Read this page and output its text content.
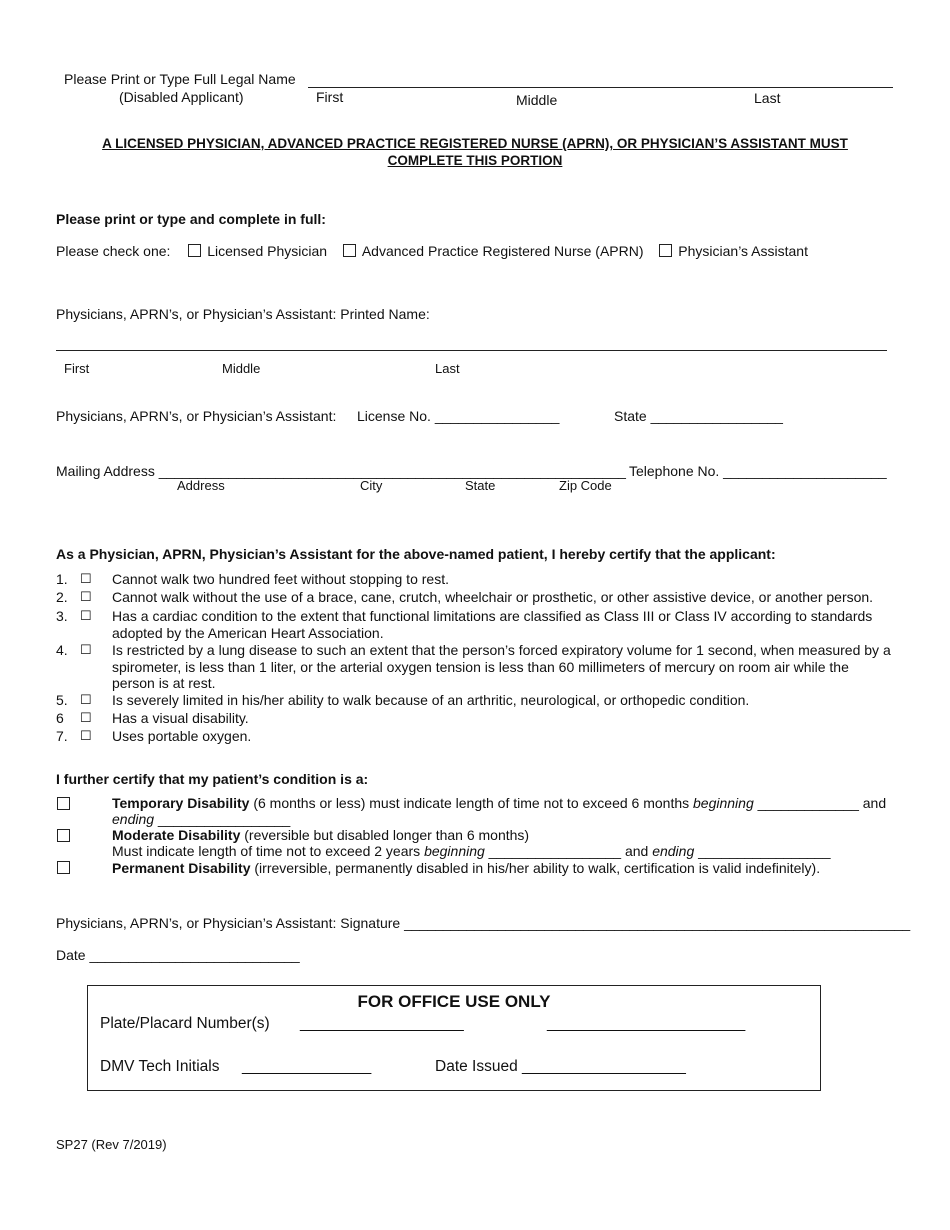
Please Print or Type Full Legal Name
(Disabled Applicant)	First	Middle	Last
A LICENSED PHYSICIAN, ADVANCED PRACTICE REGISTERED NURSE (APRN), OR PHYSICIAN’S ASSISTANT MUST
COMPLETE THIS PORTION
Please print or type and complete in full:
Please check one:	Licensed Physician Advanced Practice Registered Nurse (APRN) Physician’s Assistant
Physicians, APRN’s, or Physician’s Assistant: Printed Name:
First	Middle	Last
Physicians, APRN’s, or Physician’s Assistant: License No. ________________	State _________________
Mailing Address ____________________________________________________________ Telephone No. _____________________
Address	City	State	Zip Code
As a Physician, APRN, Physician’s Assistant for the above-named patient, I hereby certify that the applicant:
1. ☐ Cannot walk two hundred feet without stopping to rest.
2. ☐ Cannot walk without the use of a brace, cane, crutch, wheelchair or prosthetic, or other assistive device, or another person.
3. ☐ Has a cardiac condition to the extent that functional limitations are classified as Class III or Class IV according to standards
adopted by the American Heart Association.
4. ☐ Is restricted by a lung disease to such an extent that the person’s forced expiratory volume for 1 second, when measured by a
spirometer, is less than 1 liter, or the arterial oxygen tension is less than 60 millimeters of mercury on room air while the
person is at rest.
5. ☐ Is severely limited in his/her ability to walk because of an arthritic, neurological, or orthopedic condition.
6 ☐ Has a visual disability.
7. ☐ Uses portable oxygen.
I further certify that my patient’s condition is a:
Temporary Disability (6 months or less) must indicate length of time not to exceed 6 months beginning _____________ and
ending _________________
Moderate Disability (reversible but disabled longer than 6 months)
Must indicate length of time not to exceed 2 years beginning _________________ and ending _________________
Permanent Disability (irreversible, permanently disabled in his/her ability to walk, certification is valid indefinitely).
Physicians, APRN’s, or Physician’s Assistant: Signature _________________________________________________________________
Date ___________________________
FOR OFFICE USE ONLY
Plate/Placard Number(s) ___________________	_______________________
DMV Tech Initials _______________	Date Issued ___________________
SP27 (Rev 7/2019)
